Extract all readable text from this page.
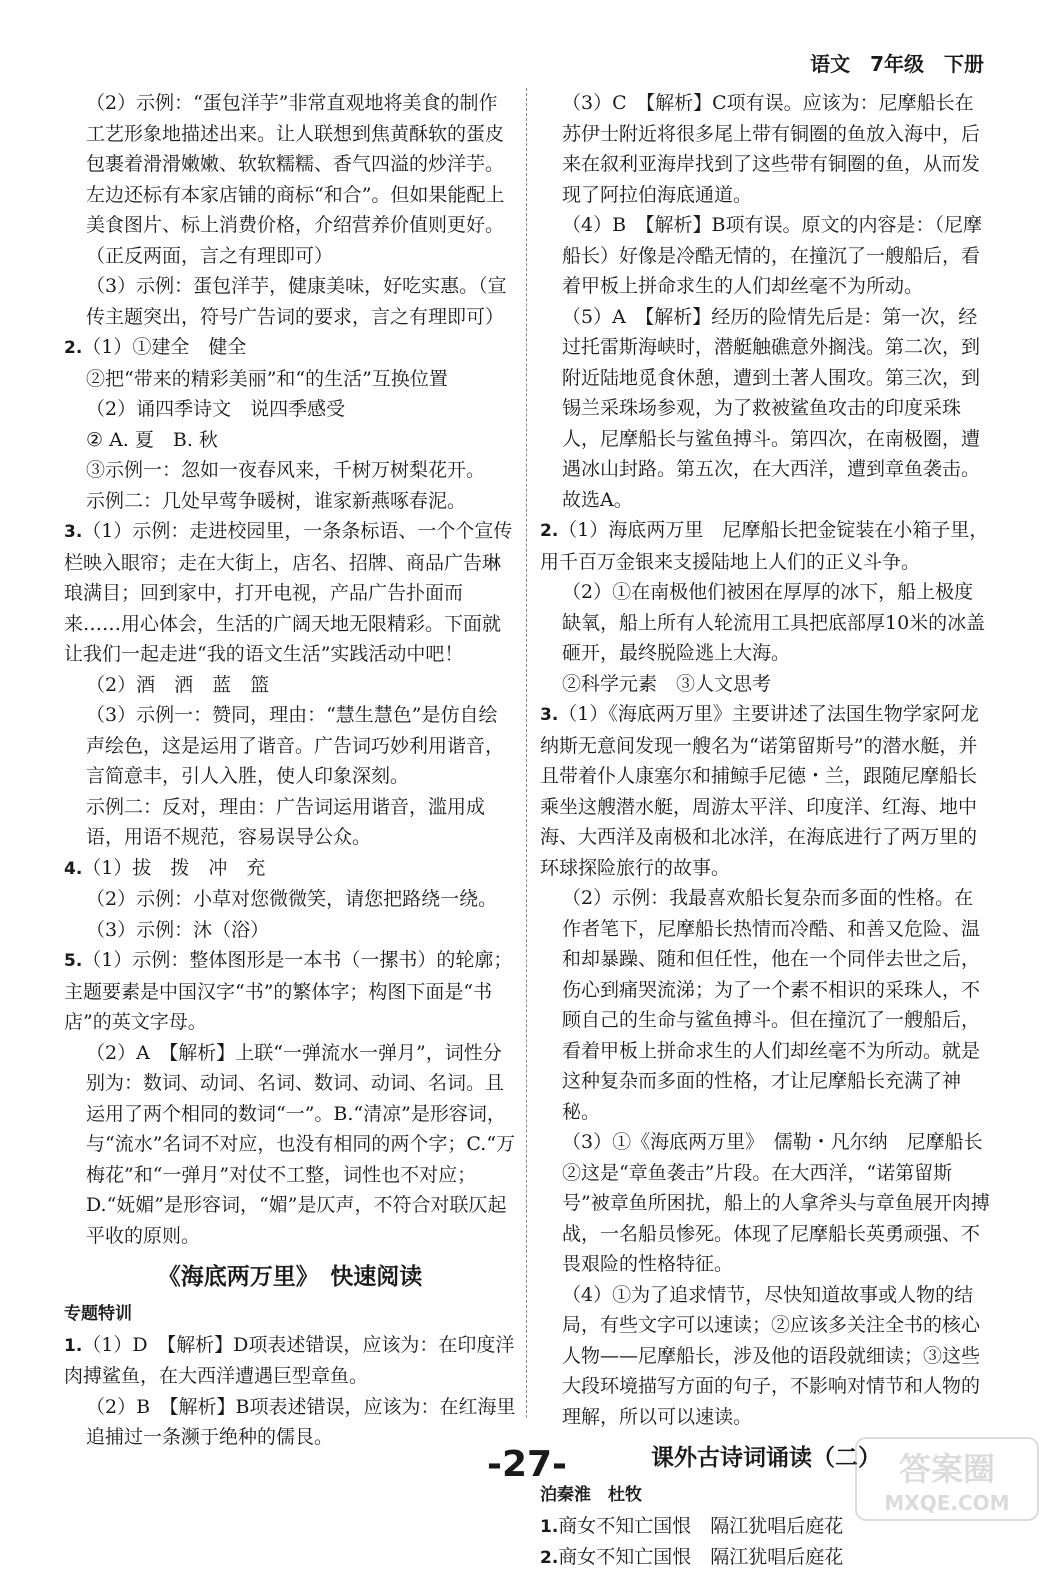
语文　7年级　下册
（2）示例：“蛋包洋芋”非常直观地将美食的制作工艺形象地描述出来。让人联想到焦黄酥软的蛋皮包裹着滑滑嫩嫩、软软糯糯、香气四溢的炒洋芋。左边还标有本家店铺的商标“和合”。但如果能配上美食图片、标上消费价格，介绍营养价值则更好。（正反两面，言之有理即可）
（3）示例：蛋包洋芋，健康美味，好吃实惠。（宣传主题突出，符号广告词的要求，言之有理即可）
2.（1）①建全　健全
②把“带来的精彩美丽”和“的生活”互换位置
（2）诵四季诗文　说四季感受
② A. 夏　B. 秋
③示例一：忽如一夜春风来，千树万树梨花开。
示例二：几处早莺争暖树，谁家新燕啄春泥。
3.（1）示例：走进校园里，一条条标语、一个个宣传栏映入眼帘；走在大街上，店名、招牌、商品广告琳琅满目；回到家中，打开电视，产品广告扑面而来……用心体会，生活的广阔天地无限精彩。下面就让我们一起走进“我的语文生活”实践活动中吧！
（2）酒　洒　蓝　篮
（3）示例一：赞同，理由：“慧生慧色”是仿自绘声绘色，这是运用了谐音。广告词巧妙利用谐音，言简意丰，引人入胜，使人印象深刻。
示例二：反对，理由：广告词运用谐音，滥用成语，用语不规范，容易误导公众。
4.（1）拔　拨　冲　充
（2）示例：小草对您微微笑，请您把路绕一绕。
（3）示例：沐（浴）
5.（1）示例：整体图形是一本书（一摞书）的轮廓；主题要素是中国汉字“书”的繁体字；构图下面是“书店”的英文字母。
（2）A　【解析】上联“一弹流水一弹月”，词性分别为：数词、动词、名词、数词、动词、名词。且运用了两个相同的数词“一”。B.“清凉”是形容词，与“流水”名词不对应，也没有相同的两个字；C.“万梅花”和“一弹月”对仗不工整，词性也不对应；D.“妩媚”是形容词，“媚”是仄声，不符合对联仄起平收的原则。
《海底两万里》　快速阅读
专题特训
1.（1）D　【解析】D项表述错误，应该为：在印度洋肉搏鲨鱼，在大西洋遭遇巨型章鱼。
（2）B　【解析】B项表述错误，应该为：在红海里追捕过一条濒于绝种的儒艮。
（3）C　【解析】C项有误。应该为：尼摩船长在苏伊士附近将很多尾上带有铜圈的鱼放入海中，后来在叙利亚海岸找到了这些带有铜圈的鱼，从而发现了阿拉伯海底通道。
（4）B　【解析】B项有误。原文的内容是：（尼摩船长）好像是冷酷无情的，在撞沉了一艘船后，看着甲板上拼命求生的人们却丝毫不为所动。
（5）A　【解析】经历的险情先后是：第一次，经过托雷斯海峡时，潜艇触礁意外搁浅。第二次，到附近陆地觅食休憩，遭到土著人围攻。第三次，到锡兰采珠场参观，为了救被鲨鱼攻击的印度采珠人，尼摩船长与鲨鱼搏斗。第四次，在南极圈，遭遇冰山封路。第五次，在大西洋，遭到章鱼袭击。故选A。
2.（1）海底两万里　尼摩船长把金锭装在小箱子里，用千百万金银来支援陆地上人们的正义斗争。
（2）①在南极他们被困在厚厚的冰下，船上极度缺氧，船上所有人轮流用工具把底部厚10米的冰盖砸开，最终脱险逃上大海。
②科学元素　③人文思考
3.（1）《海底两万里》主要讲述了法国生物学家阿龙纳斯无意间发现一艘名为“诺第留斯号”的潜水艇，并且带着仆人康塞尔和捕鲸手尼德・兰，跟随尼摩船长乘坐这艘潜水艇，周游太平洋、印度洋、红海、地中海、大西洋及南极和北冰洋，在海底进行了两万里的环球探险旅行的故事。
（2）示例：我最喜欢船长复杂而多面的性格。在作者笔下，尼摩船长热情而冷酷、和善又危险、温和却暴躁、随和但任性，他在一个同伴去世之后，伤心到痛哭流涕；为了一个素不相识的采珠人，不顾自己的生命与鲨鱼搏斗。但在撞沉了一艘船后，看着甲板上拼命求生的人们却丝毫不为所动。就是这种复杂而多面的性格，才让尼摩船长充满了神秘。
（3）①《海底两万里》　儒勒・凡尔纳　尼摩船长
②这是“章鱼袭击”片段。在大西洋，“诺第留斯号”被章鱼所困扰，船上的人拿斧头与章鱼展开肉搏战，一名船员惨死。体现了尼摩船长英勇顽强、不畏艰险的性格特征。
（4）①为了追求情节，尽快知道故事或人物的结局，有些文字可以速读；②应该多关注全书的核心人物——尼摩船长，涉及他的语段就细读；③这些大段环境描写方面的句子，不影响对情节和人物的理解，所以可以速读。
课外古诗词诵读（二）
泊秦淮　杜牧
1.商女不知亡国恨　隔江犹唱后庭花
2.商女不知亡国恨　隔江犹唱后庭花
-27-	答案圈
MXQE.COM
